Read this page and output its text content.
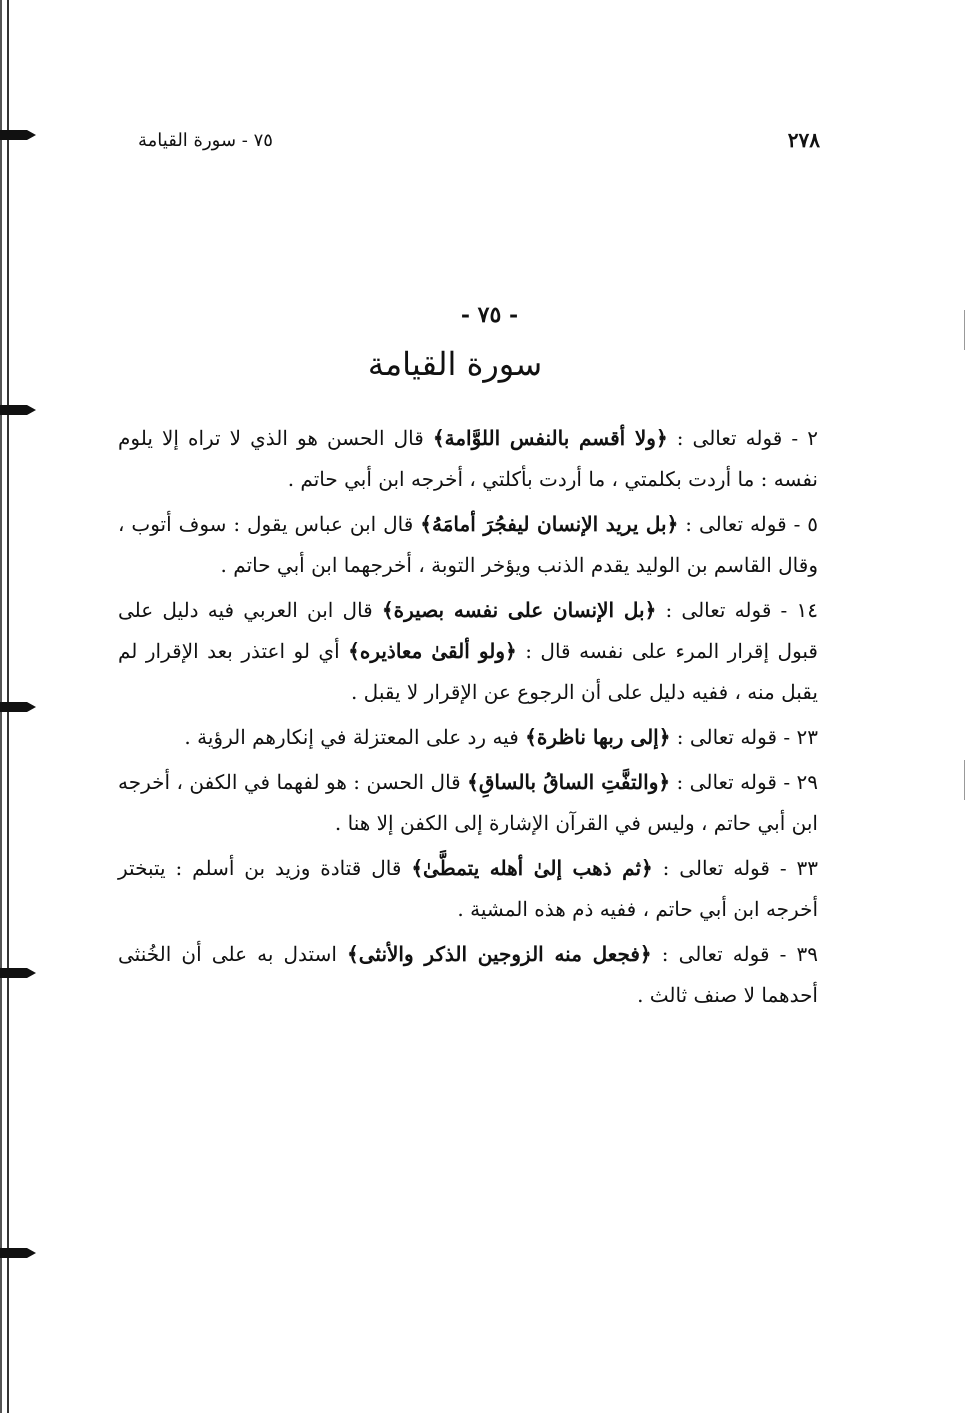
٢٧٨
٧٥ - سورة القيامة
- ٧٥ -
سورة القيامة

٢ - قوله تعالى : ﴿ولا أقسم بالنفس اللوَّامة﴾ قال الحسن هو الذي لا تراه إلا يلوم نفسه : ما أردت بكلمتي ، ما أردت بأكلتي ، أخرجه ابن أبي حاتم .

٥ - قوله تعالى : ﴿بل يريد الإنسان ليفجُرَ أمامَهُ﴾ قال ابن عباس يقول : سوف أتوب ، وقال القاسم بن الوليد يقدم الذنب ويؤخر التوبة ، أخرجهما ابن أبي حاتم .

١٤ - قوله تعالى : ﴿بل الإنسان على نفسه بصيرة﴾ قال ابن العربي فيه دليل على قبول إقرار المرء على نفسه قال : ﴿ولو ألقىٰ معاذيره﴾ أي لو اعتذر بعد الإقرار لم يقبل منه ، ففيه دليل على أن الرجوع عن الإقرار لا يقبل .

٢٣ - قوله تعالى : ﴿إلى ربها ناظرة﴾ فيه رد على المعتزلة في إنكارهم الرؤية .

٢٩ - قوله تعالى : ﴿والتفَّتِ الساقُ بالساقِ﴾ قال الحسن : هو لفهما في الكفن ، أخرجه ابن أبي حاتم ، وليس في القرآن الإشارة إلى الكفن إلا هنا .

٣٣ - قوله تعالى : ﴿ثم ذهب إلىٰ أهله يتمطَّىٰ﴾ قال قتادة وزيد بن أسلم : يتبختر أخرجه ابن أبي حاتم ، ففيه ذم هذه المشية .

٣٩ - قوله تعالى : ﴿فجعل منه الزوجين الذكر والأنثى﴾ استدل به على أن الخُنثى أحدهما لا صنف ثالث .
